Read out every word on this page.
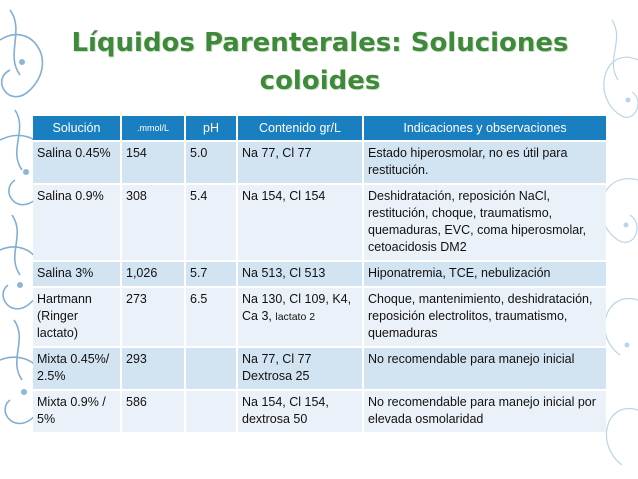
Líquidos Parenterales: Soluciones
coloides
Solución	.mmol/L	pH	Contenido gr/L	Indicaciones y observaciones
Salina 0.45%	154	5.0	Na 77, Cl 77	Estado hiperosmolar, no es útil para restitución.
Salina 0.9%	308	5.4	Na 154, Cl 154	Deshidratación, reposición NaCl, restitución, choque, traumatismo, quemaduras, EVC, coma hiperosmolar, cetoacidosis DM2
Salina 3%	1,026	5.7	Na 513, Cl 513	Hiponatremia, TCE, nebulización
Hartmann (Ringer lactato)	273	6.5	Na 130, Cl 109, K4, Ca 3, lactato 2	Choque, mantenimiento, deshidratación, reposición electrolitos, traumatismo, quemaduras
Mixta 0.45%/ 2.5%	293		Na 77, Cl 77 Dextrosa 25	No recomendable para manejo inicial
Mixta 0.9% / 5%	586		Na 154, Cl 154, dextrosa 50	No recomendable para manejo inicial por elevada osmolaridad
